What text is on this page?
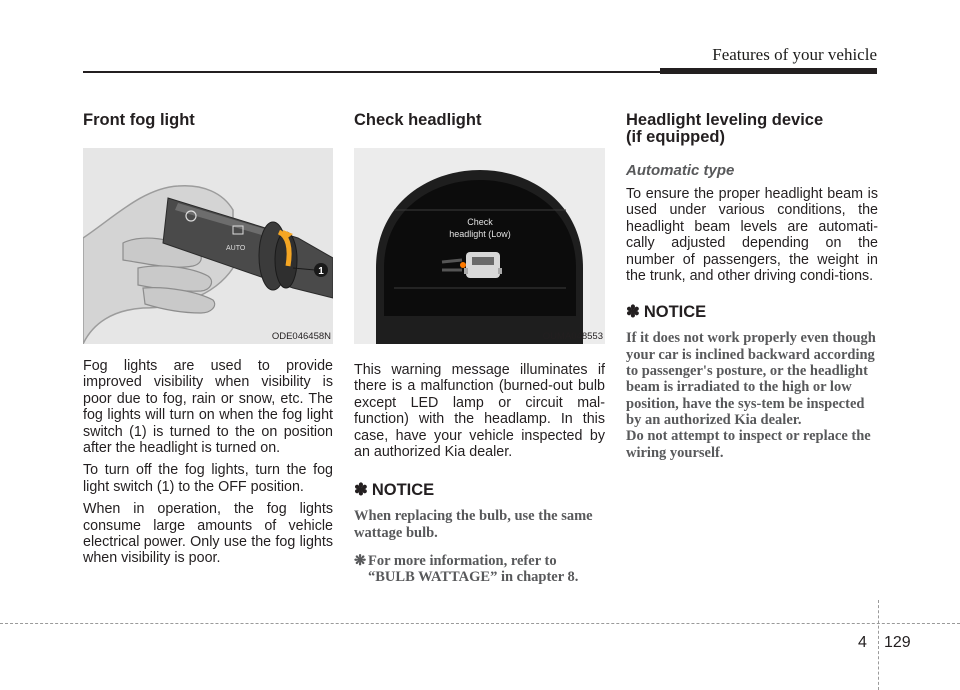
Features of your vehicle
Front fog light
AUTO
1
ODE046458N

Fog lights are used to provide improved visibility when visibility is poor due to fog, rain or snow, etc. The fog lights will turn on when the fog light switch (1) is turned to the on position after the headlight is turned on.

To turn off the fog lights, turn the fog light switch (1) to the OFF position.

When in operation, the fog lights consume large amounts of vehicle electrical power. Only use the fog lights when visibility is poor.

Check headlight
Check
headlight (Low)
OUMA048553

This warning message illuminates if there is a malfunction (burned-out bulb except LED lamp or circuit mal-function) with the headlamp. In this case, have your vehicle inspected by an authorized Kia dealer.

✽ NOTICE
When replacing the bulb, use the same wattage bulb.
❋ For more information, refer to “BULB WATTAGE” in chapter 8.
Headlight leveling device
(if equipped)
Automatic type

To ensure the proper headlight beam is used under various conditions, the headlight beam levels are automati-cally adjusted depending on the number of passengers, the weight in the trunk, and other driving condi-tions.

✽ NOTICE
If it does not work properly even though your car is inclined backward according to passenger's posture, or the headlight beam is irradiated to the high or low position, have the sys-tem be inspected by an authorized Kia dealer.
Do not attempt to inspect or replace the wiring yourself.
4 129
